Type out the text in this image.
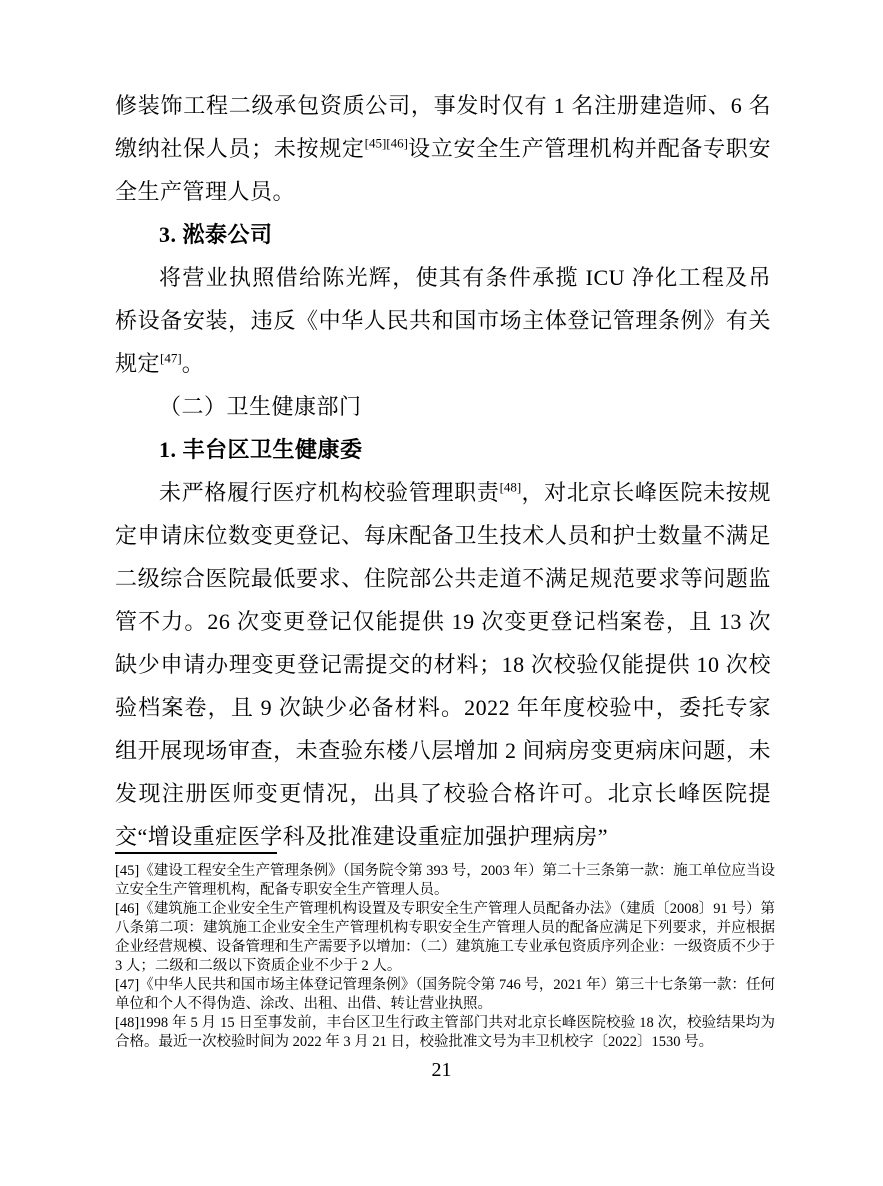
修装饰工程二级承包资质公司，事发时仅有 1 名注册建造师、6 名缴纳社保人员；未按规定[45][46]设立安全生产管理机构并配备专职安全生产管理人员。

3. 淞泰公司

将营业执照借给陈光辉，使其有条件承揽 ICU 净化工程及吊桥设备安装，违反《中华人民共和国市场主体登记管理条例》有关规定[47]。

（二）卫生健康部门

1. 丰台区卫生健康委

未严格履行医疗机构校验管理职责[48]，对北京长峰医院未按规定申请床位数变更登记、每床配备卫生技术人员和护士数量不满足二级综合医院最低要求、住院部公共走道不满足规范要求等问题监管不力。26 次变更登记仅能提供 19 次变更登记档案卷，且 13 次缺少申请办理变更登记需提交的材料；18 次校验仅能提供 10 次校验档案卷，且 9 次缺少必备材料。2022 年年度校验中，委托专家组开展现场审查，未查验东楼八层增加 2 间病房变更病床问题，未发现注册医师变更情况，出具了校验合格许可。北京长峰医院提交“增设重症医学科及批准建设重症加强护理病房”

[45]《建设工程安全生产管理条例》（国务院令第 393 号，2003 年）第二十三条第一款：施工单位应当设立安全生产管理机构，配备专职安全生产管理人员。

[46]《建筑施工企业安全生产管理机构设置及专职安全生产管理人员配备办法》（建质〔2008〕91 号）第八条第二项：建筑施工企业安全生产管理机构专职安全生产管理人员的配备应满足下列要求，并应根据企业经营规模、设备管理和生产需要予以增加：（二）建筑施工专业承包资质序列企业：一级资质不少于 3 人；二级和二级以下资质企业不少于 2 人。

[47]《中华人民共和国市场主体登记管理条例》（国务院令第 746 号，2021 年）第三十七条第一款：任何单位和个人不得伪造、涂改、出租、出借、转让营业执照。

[48]1998 年 5 月 15 日至事发前，丰台区卫生行政主管部门共对北京长峰医院校验 18 次，校验结果均为合格。最近一次校验时间为 2022 年 3 月 21 日，校验批准文号为丰卫机校字〔2022〕1530 号。

21
